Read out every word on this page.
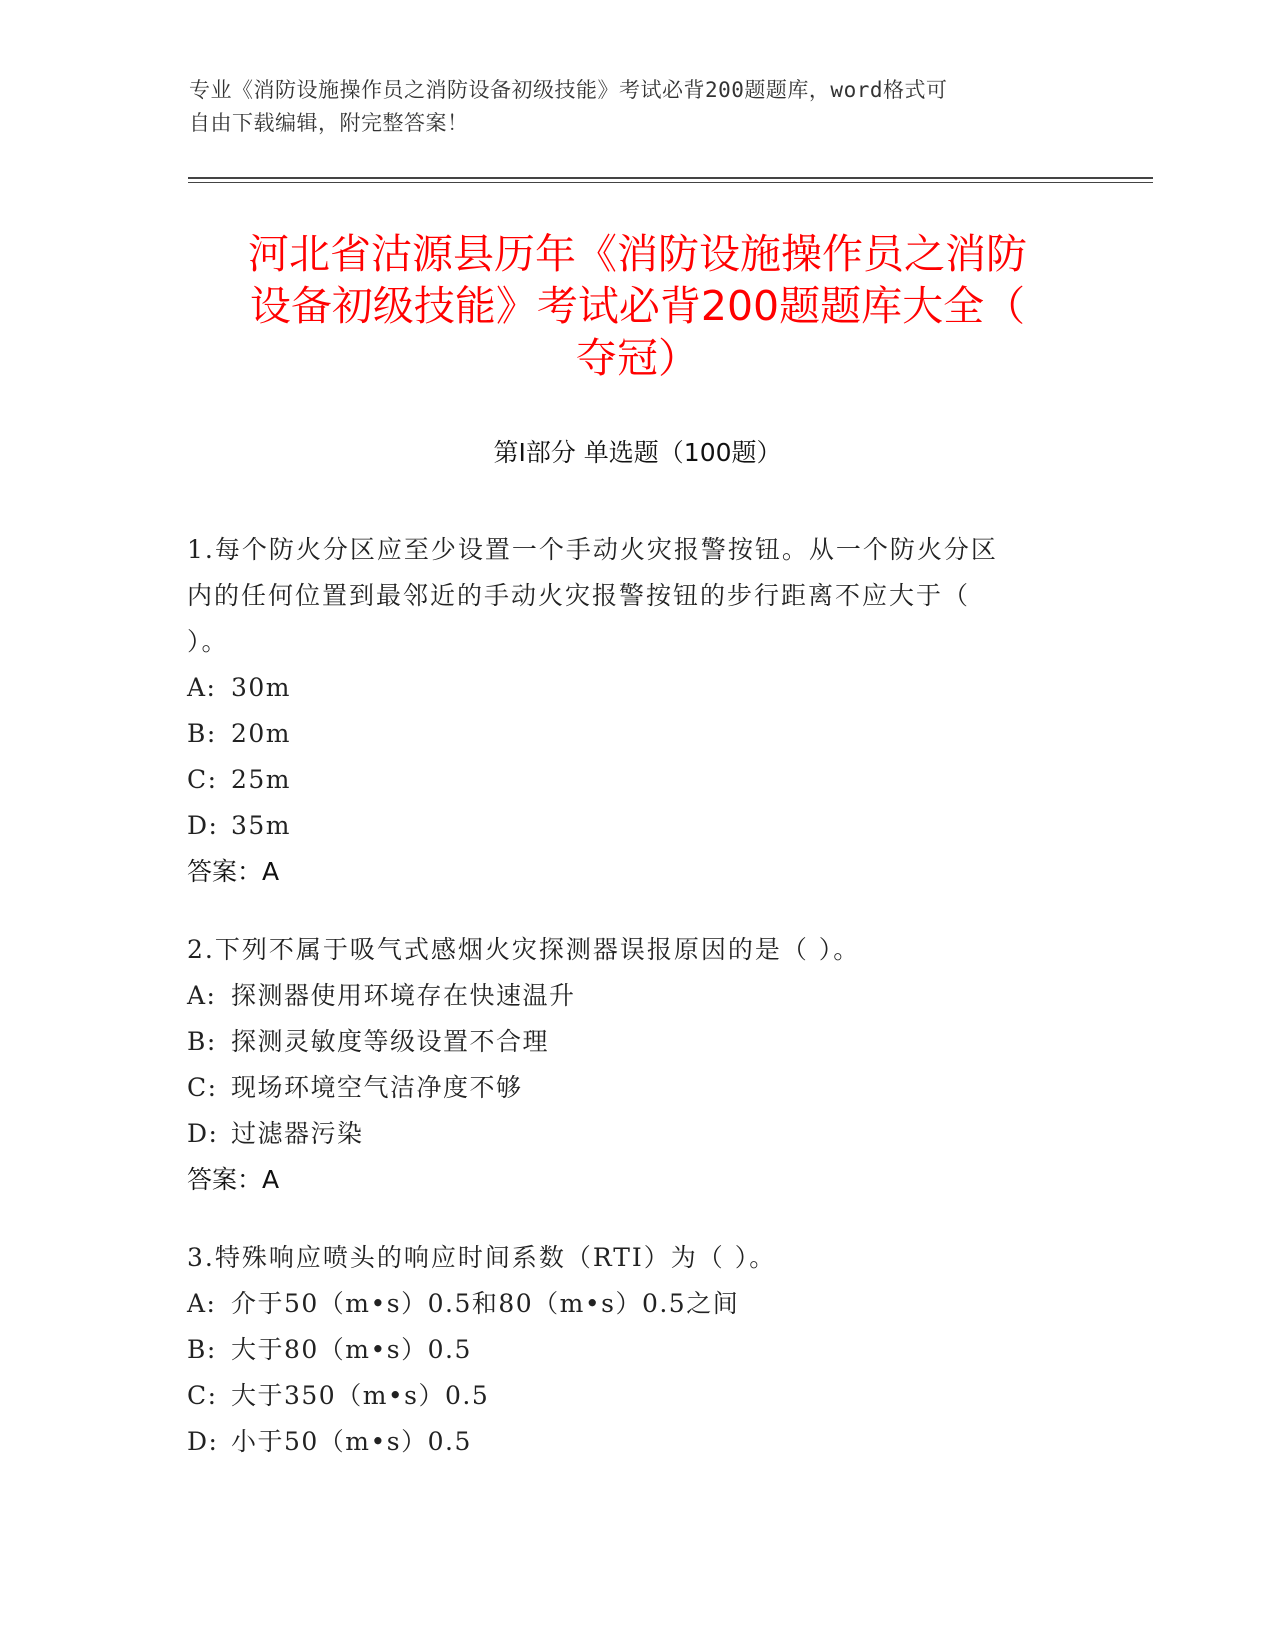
专业《消防设施操作员之消防设备初级技能》考试必背200题题库，word格式可
自由下载编辑，附完整答案！
河北省沽源县历年《消防设施操作员之消防
设备初级技能》考试必背200题题库大全（
夺冠）
第I部分 单选题（100题）
1.每个防火分区应至少设置一个手动火灾报警按钮。从一个防火分区
内的任何位置到最邻近的手动火灾报警按钮的步行距离不应大于（
）。
A: 30m
B: 20m
C: 25m
D: 35m
答案：A
2.下列不属于吸气式感烟火灾探测器误报原因的是（ ）。
A: 探测器使用环境存在快速温升
B: 探测灵敏度等级设置不合理
C: 现场环境空气洁净度不够
D: 过滤器污染
答案：A
3.特殊响应喷头的响应时间系数（RTI）为（ ）。
A: 介于50（m•s）0.5和80（m•s）0.5之间
B: 大于80（m•s）0.5
C: 大于350（m•s）0.5
D: 小于50（m•s）0.5
